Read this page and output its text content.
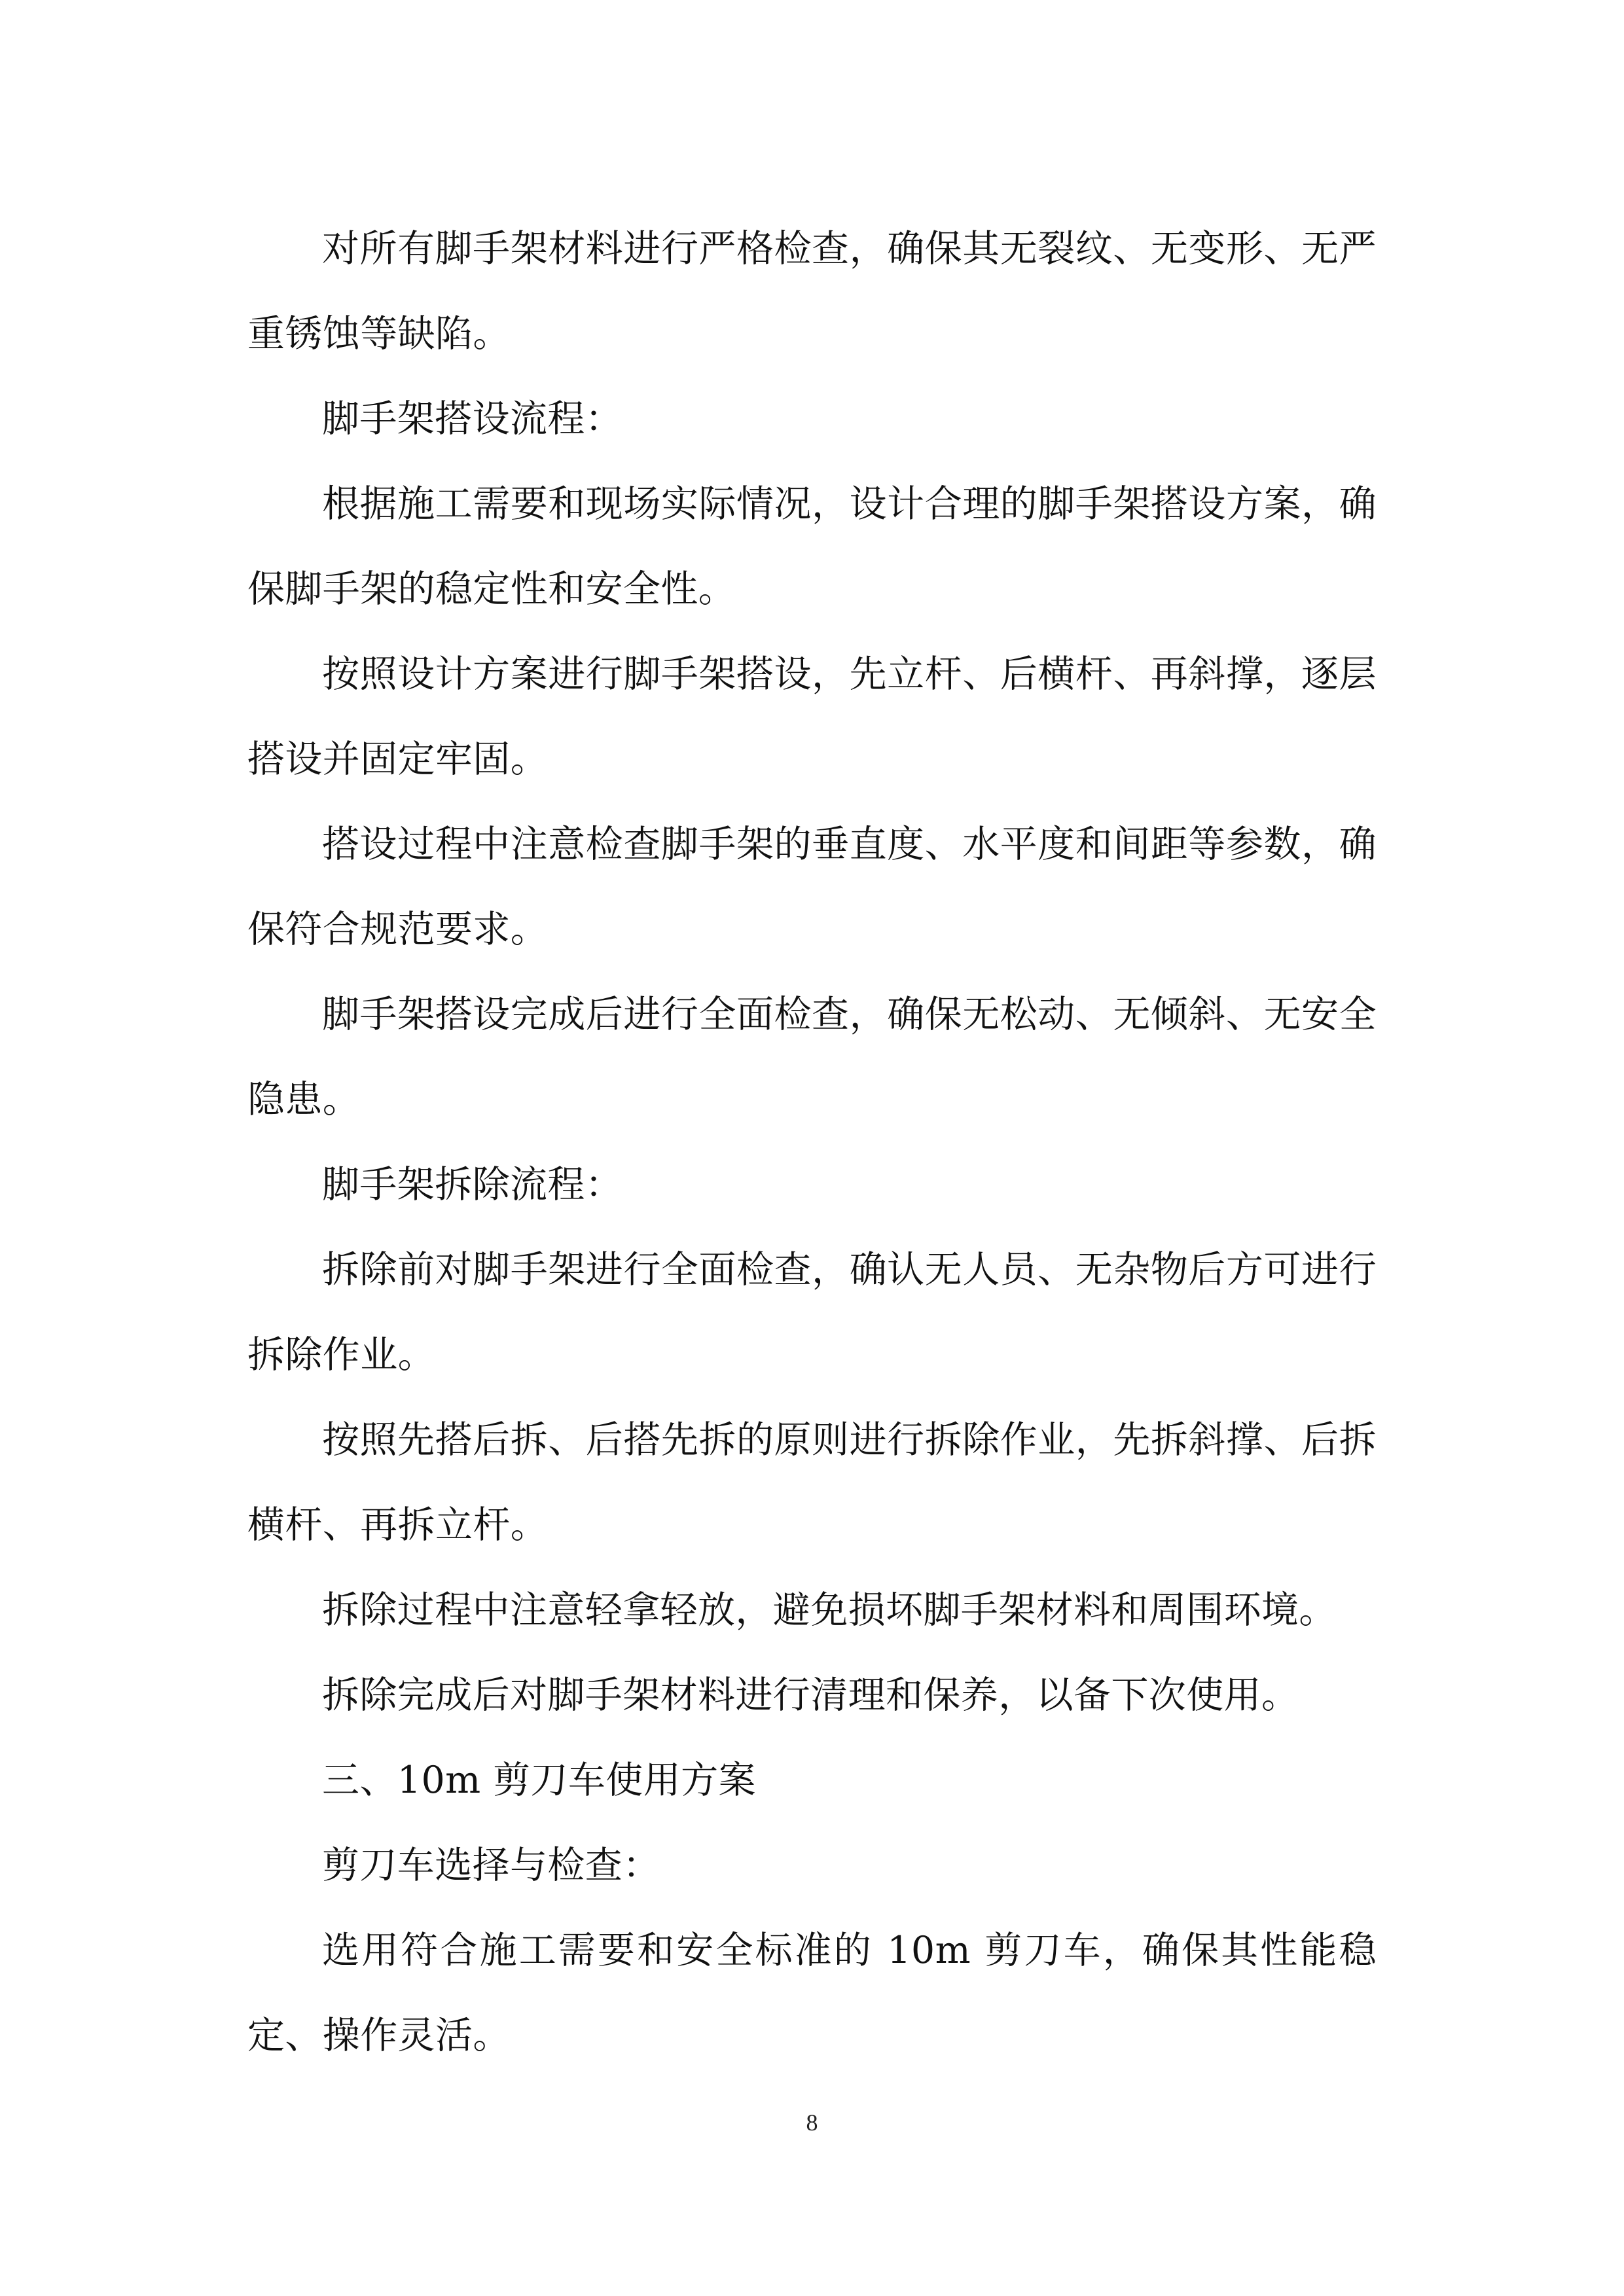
对所有脚手架材料进行严格检查，确保其无裂纹、无变形、无严重锈蚀等缺陷。

脚手架搭设流程：

根据施工需要和现场实际情况，设计合理的脚手架搭设方案，确保脚手架的稳定性和安全性。

按照设计方案进行脚手架搭设，先立杆、后横杆、再斜撑，逐层搭设并固定牢固。

搭设过程中注意检查脚手架的垂直度、水平度和间距等参数，确保符合规范要求。

脚手架搭设完成后进行全面检查，确保无松动、无倾斜、无安全隐患。

脚手架拆除流程：

拆除前对脚手架进行全面检查，确认无人员、无杂物后方可进行拆除作业。

按照先搭后拆、后搭先拆的原则进行拆除作业，先拆斜撑、后拆横杆、再拆立杆。

拆除过程中注意轻拿轻放，避免损坏脚手架材料和周围环境。

拆除完成后对脚手架材料进行清理和保养，以备下次使用。

三、10m 剪刀车使用方案

剪刀车选择与检查：

选用符合施工需要和安全标准的 10m 剪刀车，确保其性能稳定、操作灵活。

8
